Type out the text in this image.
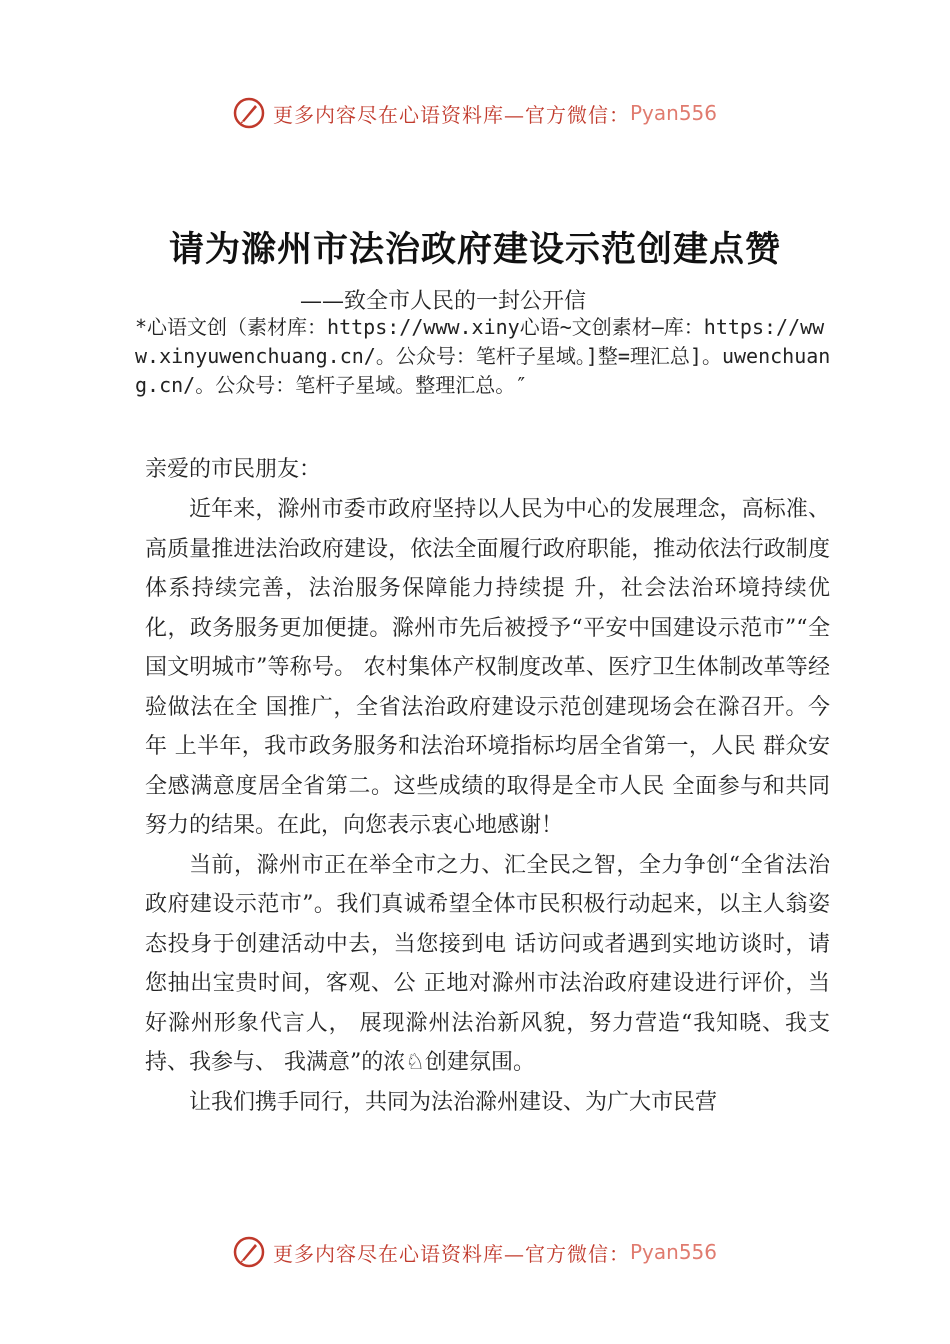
更多内容尽在心语资料库—官方微信： Pyan556
请为滁州市法治政府建设示范创建点赞
——致全市人民的一封公开信
*心语文创（素材库：https://www.xiny心语~文创素材—库：https://www.xinyuwenchuang.cn/。公众号：笔杆子星域。]整=理汇总]。uwenchuang.cn/。公众号：笔杆子星域。整理汇总。″
亲爱的市民朋友：

近年来，滁州市委市政府坚持以人民为中心的发展理念，高标准、高质量推进法治政府建设，依法全面履行政府职能，推动依法行政制度体系持续完善，法治服务保障能力持续提 升，社会法治环境持续优化，政务服务更加便捷。滁州市先后被授予“平安中国建设示范市”“全国文明城市”等称号。 农村集体产权制度改革、医疗卫生体制改革等经验做法在全 国推广，全省法治政府建设示范创建现场会在滁召开。今年 上半年，我市政务服务和法治环境指标均居全省第一，人民 群众安全感满意度居全省第二。这些成绩的取得是全市人民 全面参与和共同努力的结果。在此，向您表示衷心地感谢！

当前，滁州市正在举全市之力、汇全民之智，全力争创“全省法治政府建设示范市”。我们真诚希望全体市民积极行动起来，以主人翁姿态投身于创建活动中去，当您接到电 话访问或者遇到实地访谈时，请您抽出宝贵时间，客观、公 正地对滁州市法治政府建设进行评价，当好滁州形象代言人， 展现滁州法治新风貌，努力营造“我知晓、我支持、我参与、 我满意”的浓♘创建氛围。

让我们携手同行，共同为法治滁州建设、为广大市民营

更多内容尽在心语资料库—官方微信： Pyan556
